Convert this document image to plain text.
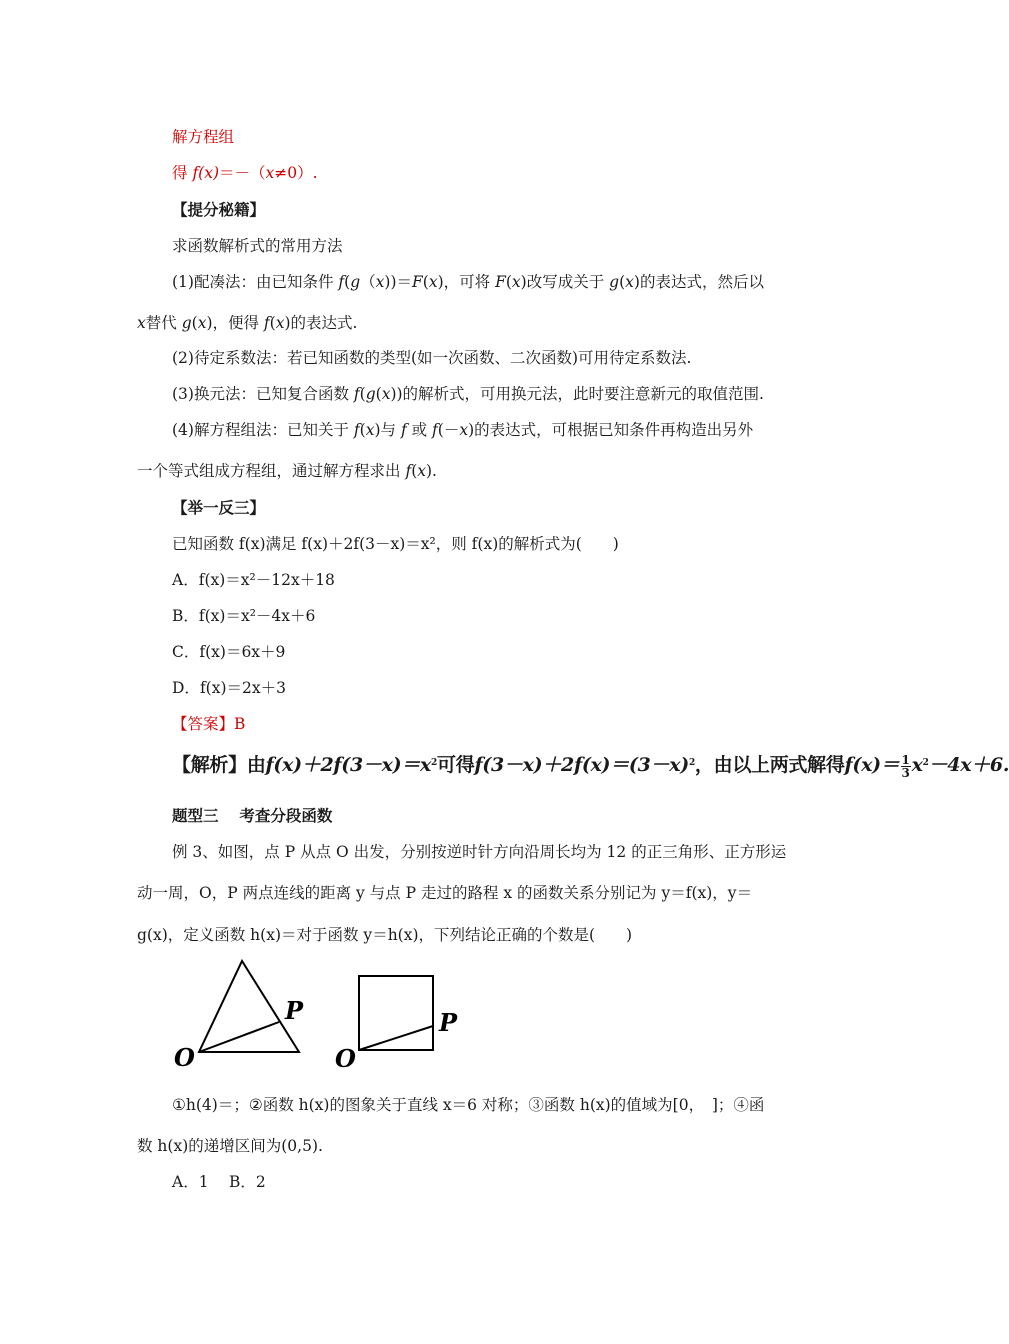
解方程组
得 f(x)＝－（x≠0）.
【提分秘籍】
求函数解析式的常用方法
(1)配凑法：由已知条件 f(g（x))＝F(x)，可将 F(x)改写成关于 g(x)的表达式，然后以
x替代 g(x)，便得 f(x)的表达式.
(2)待定系数法：若已知函数的类型(如一次函数、二次函数)可用待定系数法.
(3)换元法：已知复合函数 f(g(x))的解析式，可用换元法，此时要注意新元的取值范围.
(4)解方程组法：已知关于 f(x)与 f 或 f(－x)的表达式，可根据已知条件再构造出另外
一个等式组成方程组，通过解方程求出 f(x).
【举一反三】
已知函数 f(x)满足 f(x)＋2f(3－x)＝x²，则 f(x)的解析式为(　　)
A．f(x)＝x²－12x＋18
B．f(x)＝x²－4x＋6
C．f(x)＝6x＋9
D．f(x)＝2x＋3
【答案】B
【解析】由$f(x)+2f(3-x)=x^2$可得$f(3-x)+2f(x)=(3-x)^2$，由以上两式解得$f(x)= \frac{1}{3} x^2-4x+6$.
题型三　 考查分段函数
例 3、如图，点 P 从点 O 出发，分别按逆时针方向沿周长均为 12 的正三角形、正方形运
动一周，O，P 两点连线的距离 y 与点 P 走过的路程 x 的函数关系分别记为 y＝f(x)，y＝
g(x)，定义函数 h(x)＝对于函数 y＝h(x)，下列结论正确的个数是(　　)
P
O
P
O
①h(4)＝；②函数 h(x)的图象关于直线 x＝6 对称；③函数 h(x)的值域为[0，　]；④函
数 h(x)的递增区间为(0,5).
A．1　 B．2
